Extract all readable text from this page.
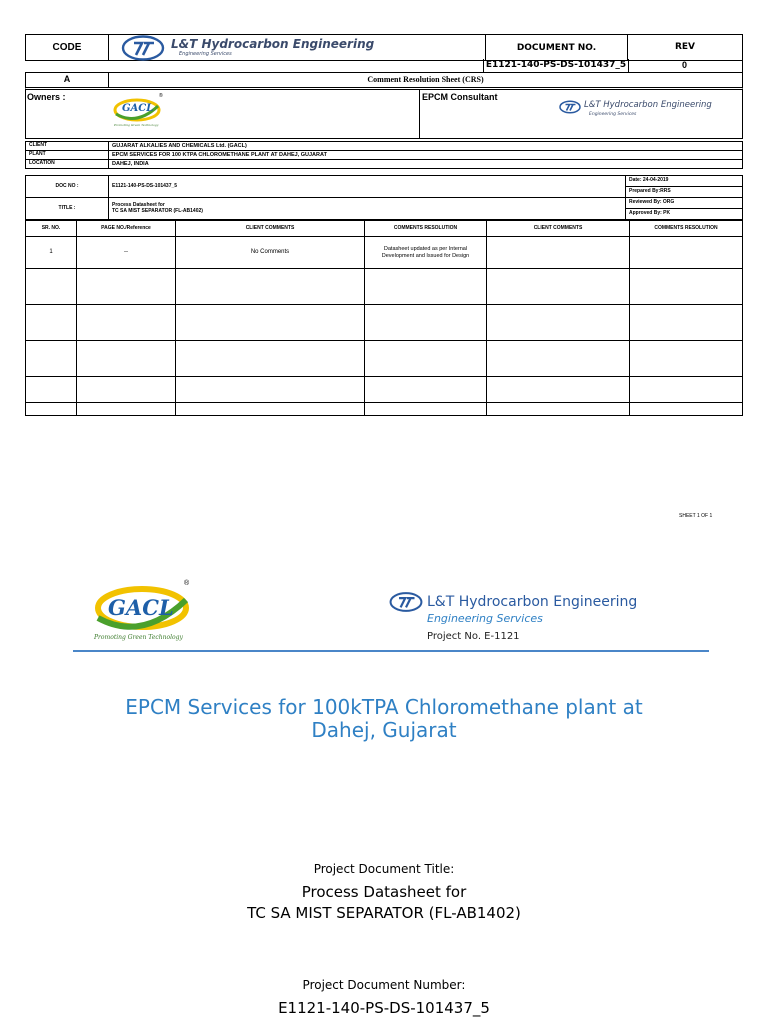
CODE	L&T Hydrocarbon Engineering
Engineering Services

DOCUMENT NO.	REV
E1121-140-PS-DS-101437_5	0
A	Comment Resolution Sheet (CRS)
Owners :
GACL
®
Promoting Green Technology
EPCM Consultant
L&T Hydrocarbon Engineering
Engineering Services
CLIENT	GUJARAT ALKALIES AND CHEMICALS Ltd. (GACL)
PLANT	EPCM SERVICES FOR 100 KTPA CHLOROMETHANE PLANT AT DAHEJ, GUJARAT
LOCATION	DAHEJ, INDIA
DOC NO :	E1121-140-PS-DS-101437_5	Date: 24-04-2019
		Prepared By:RRS
TITLE :	Process Datasheet for
TC SA MIST SEPARATOR (FL-AB1402)	Reviewed By: ORG
		Approved By: PK
SR. NO.	PAGE NO./Reference	CLIENT COMMENTS	COMMENTS RESOLUTION	CLIENT COMMENTS	COMMENTS RESOLUTION
1	--	No Comments	Datasheet updated as per Internal
Development and Issued for Design		

SHEET 1 OF 1
GACL
®
Promoting Green Technology
L&T Hydrocarbon Engineering
Engineering Services
Project No. E-1121
EPCM Services for 100kTPA Chloromethane plant at
Dahej, Gujarat
Project Document Title:
Process Datasheet for
TC SA MIST SEPARATOR (FL-AB1402)
Project Document Number:
E1121-140-PS-DS-101437_5
